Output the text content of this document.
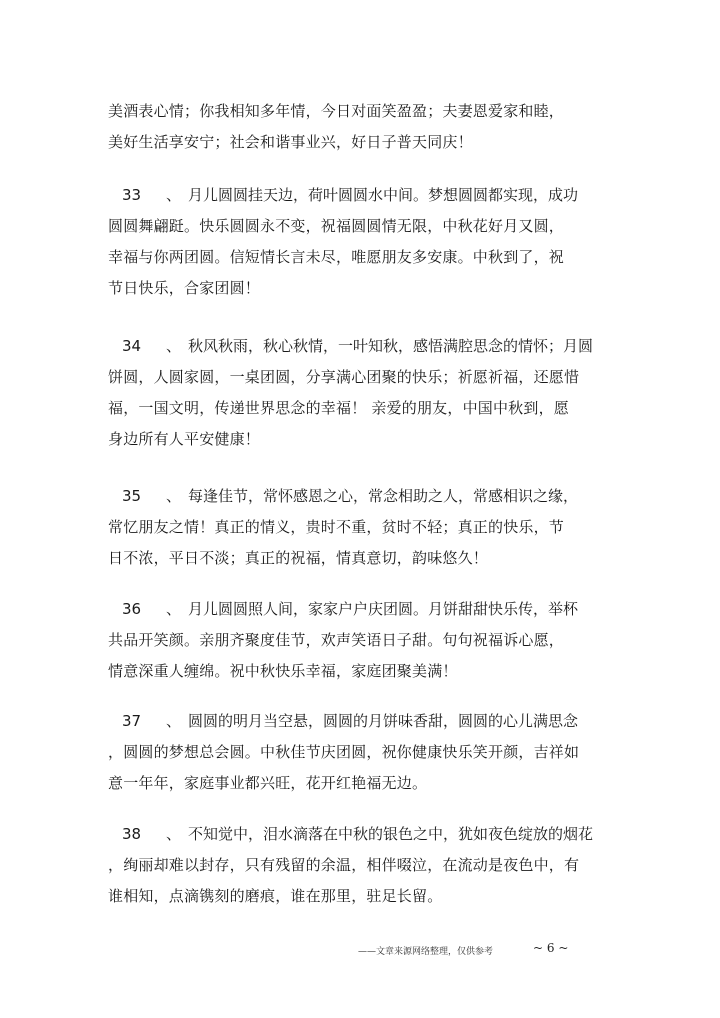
美酒表心情；你我相知多年情，今日对面笑盈盈；夫妻恩爱家和睦，
美好生活享安宁；社会和谐事业兴，好日子普天同庆！
33 、 月儿圆圆挂天边，荷叶圆圆水中间。梦想圆圆都实现，成功
圆圆舞翩跹。快乐圆圆永不变，祝福圆圆情无限，中秋花好月又圆，
幸福与你两团圆。信短情长言未尽，唯愿朋友多安康。中秋到了，祝
节日快乐，合家团圆！
34 、 秋风秋雨，秋心秋情，一叶知秋，感悟满腔思念的情怀；月圆
饼圆，人圆家圆，一桌团圆，分享满心团聚的快乐；祈愿祈福，还愿惜
福，一国文明，传递世界思念的幸福！ 亲爱的朋友，中国中秋到，愿
身边所有人平安健康！
35 、 每逢佳节，常怀感恩之心，常念相助之人，常感相识之缘，
常忆朋友之情！真正的情义，贵时不重，贫时不轻；真正的快乐，节
日不浓，平日不淡；真正的祝福，情真意切，韵味悠久！
36 、 月儿圆圆照人间，家家户户庆团圆。月饼甜甜快乐传，举杯
共品开笑颜。亲朋齐聚度佳节，欢声笑语日子甜。句句祝福诉心愿，
情意深重人缠绵。祝中秋快乐幸福，家庭团聚美满！
37 、 圆圆的明月当空悬，圆圆的月饼味香甜，圆圆的心儿满思念
，圆圆的梦想总会圆。中秋佳节庆团圆，祝你健康快乐笑开颜，吉祥如
意一年年，家庭事业都兴旺，花开红艳福无边。
38 、 不知觉中，泪水滴落在中秋的银色之中，犹如夜色绽放的烟花
，绚丽却难以封存，只有残留的余温，相伴啜泣，在流动是夜色中，有
谁相知，点滴镌刻的磨痕，谁在那里，驻足长留。
——文章来源网络整理，仅供参考	~ 6 ~
